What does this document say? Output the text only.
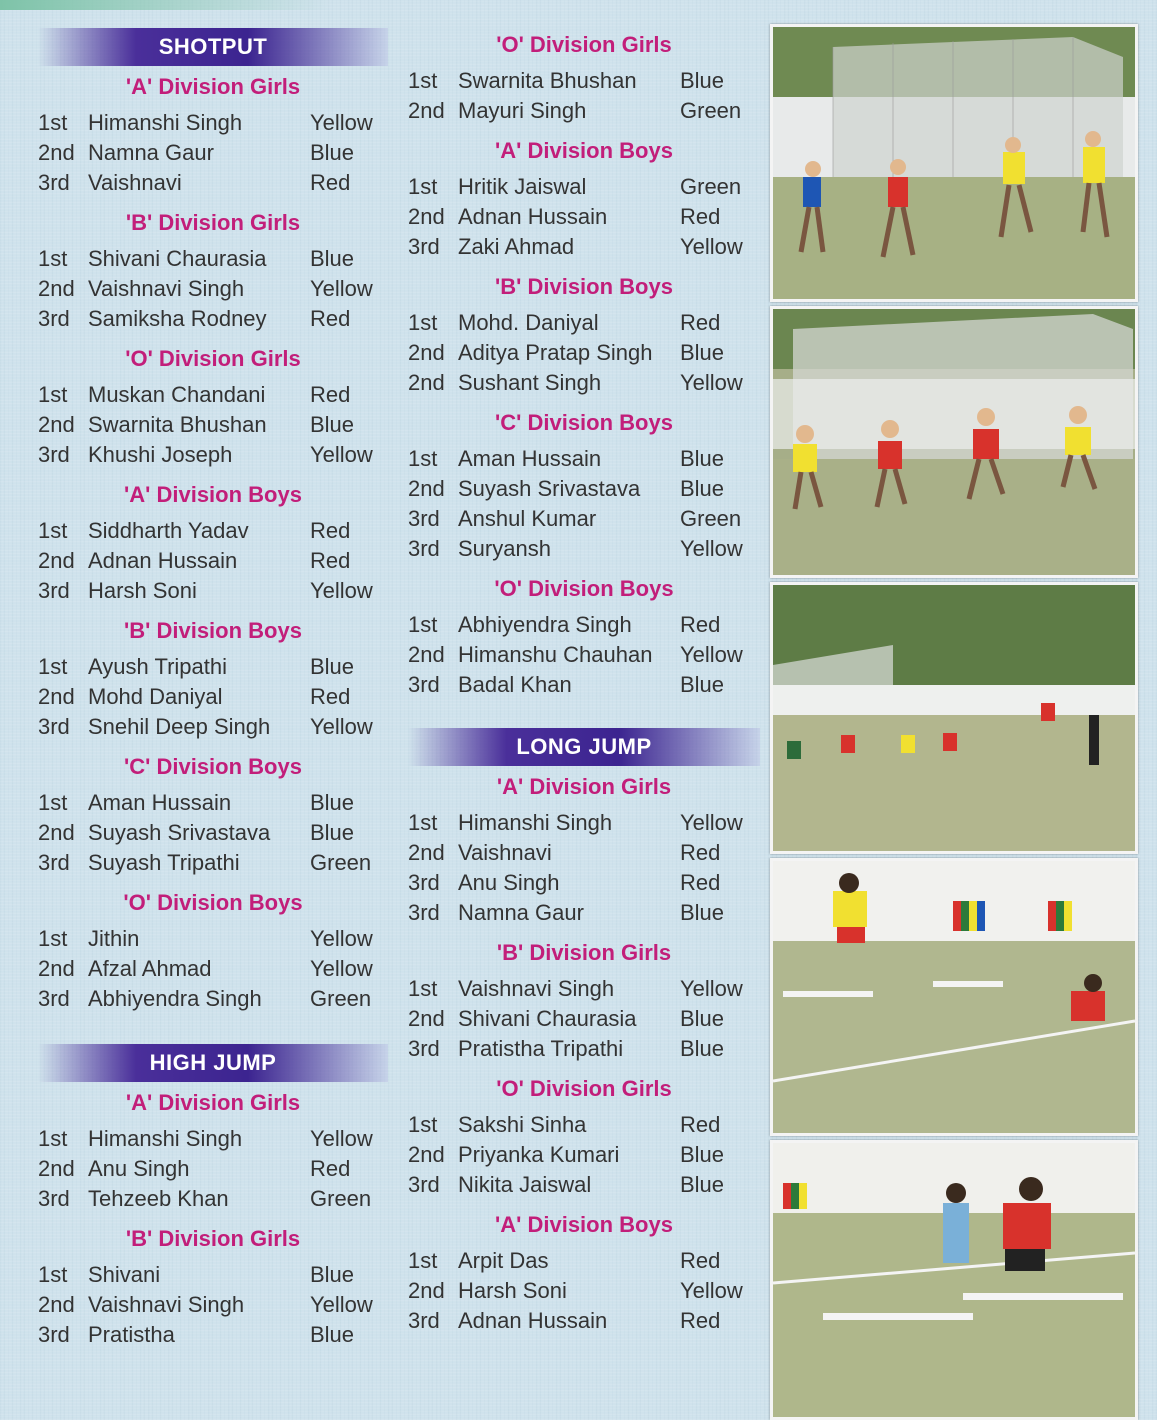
SHOTPUT
'A' Division Girls
1st Himanshi Singh	Yellow
2nd Namna Gaur	Blue
3rd Vaishnavi	Red
'B' Division Girls
1st Shivani Chaurasia	Blue
2nd Vaishnavi Singh	Yellow
3rd Samiksha Rodney	Red
'O' Division Girls
1st Muskan Chandani	Red
2nd Swarnita Bhushan	Blue
3rd Khushi Joseph	Yellow
'A' Division Boys
1st Siddharth Yadav	Red
2nd Adnan Hussain	Red
3rd Harsh Soni	Yellow
'B' Division Boys
1st Ayush Tripathi	Blue
2nd Mohd Daniyal	Red
3rd Snehil Deep Singh	Yellow
'C' Division Boys
1st Aman Hussain	Blue
2nd Suyash Srivastava	Blue
3rd Suyash Tripathi	Green
'O' Division Boys
1st Jithin	Yellow
2nd Afzal Ahmad	Yellow
3rd Abhiyendra Singh	Green
HIGH JUMP
'A' Division Girls
1st Himanshi Singh	Yellow
2nd Anu Singh	Red
3rd Tehzeeb Khan	Green
'B' Division Girls
1st Shivani	Blue
2nd Vaishnavi Singh	Yellow
3rd Pratistha	Blue
'O' Division Girls
1st Swarnita Bhushan	Blue
2nd Mayuri Singh	Green
'A' Division Boys
1st Hritik Jaiswal	Green
2nd Adnan Hussain	Red
3rd Zaki Ahmad	Yellow
'B' Division Boys
1st Mohd. Daniyal	Red
2nd Aditya Pratap Singh	Blue
2nd Sushant Singh	Yellow
'C' Division Boys
1st Aman Hussain	Blue
2nd Suyash Srivastava	Blue
3rd Anshul Kumar	Green
3rd Suryansh	Yellow
'O' Division Boys
1st Abhiyendra Singh	Red
2nd Himanshu Chauhan	Yellow
3rd Badal Khan	Blue
LONG JUMP
'A' Division Girls
1st Himanshi Singh	Yellow
2nd Vaishnavi	Red
3rd Anu Singh	Red
3rd Namna Gaur	Blue
'B' Division Girls
1st Vaishnavi Singh	Yellow
2nd Shivani Chaurasia	Blue
3rd Pratistha Tripathi	Blue
'O' Division Girls
1st Sakshi Sinha	Red
2nd Priyanka Kumari	Blue
3rd Nikita Jaiswal	Blue
'A' Division Boys
1st Arpit Das	Red
2nd Harsh Soni	Yellow
3rd Adnan Hussain	Red
